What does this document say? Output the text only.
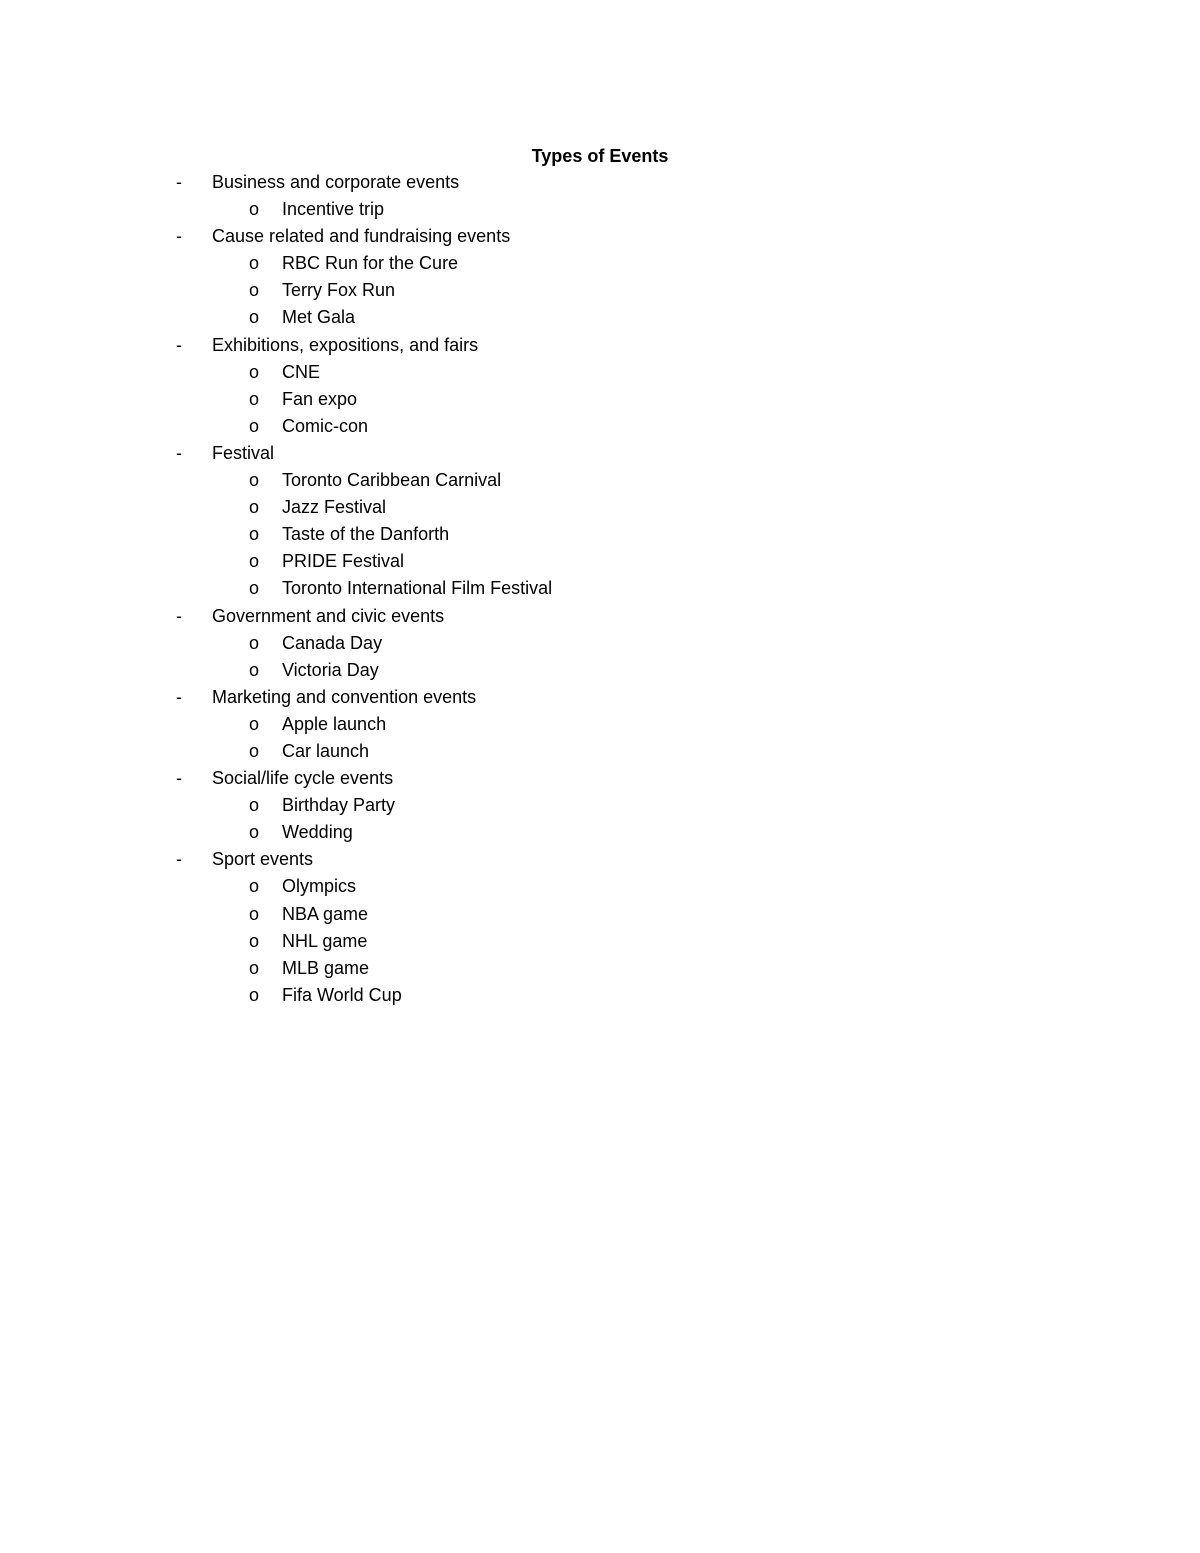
Types of Events
- Business and corporate events
o Incentive trip
- Cause related and fundraising events
o RBC Run for the Cure
o Terry Fox Run
o Met Gala
- Exhibitions, expositions, and fairs
o CNE
o Fan expo
o Comic-con
- Festival
o Toronto Caribbean Carnival
o Jazz Festival
o Taste of the Danforth
o PRIDE Festival
o Toronto International Film Festival
- Government and civic events
o Canada Day
o Victoria Day
- Marketing and convention events
o Apple launch
o Car launch
- Social/life cycle events
o Birthday Party
o Wedding
- Sport events
o Olympics
o NBA game
o NHL game
o MLB game
o Fifa World Cup
